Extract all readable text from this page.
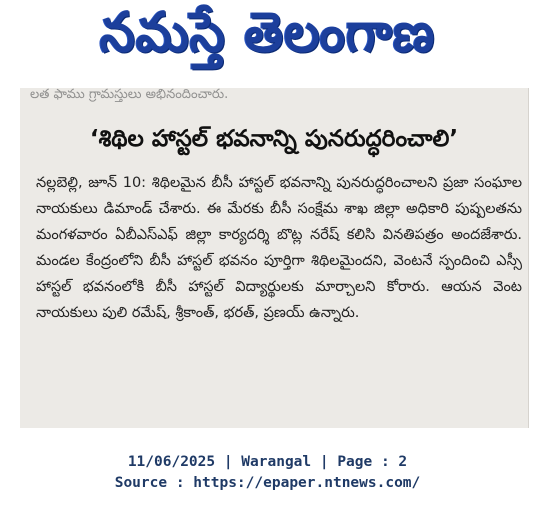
నమస్తే తెలంగాణ
లత ఫాము గ్రామస్తులు అభినందించారు.
‘శిథిల హాస్టల్ భవనాన్ని పునరుద్ధరించాలి’

నల్లబెల్లి, జూన్ 10: శిథిలమైన బీసీ హాస్టల్ భవనాన్ని పునరుద్ధరించాలని ప్రజా సంఘాల నాయకులు డిమాండ్ చేశారు. ఈ మేరకు బీసీ సంక్షేమ శాఖ జిల్లా అధికారి పుష్పలతను మంగళవారం ఏబీఎస్ఎఫ్ జిల్లా కార్యదర్శి బొట్ల నరేష్ కలిసి వినతిపత్రం అందజేశారు. మండల కేంద్రంలోని బీసీ హాస్టల్ భవనం పూర్తిగా శిథిలమైందని, వెంటనే స్పందించి ఎస్సీ హాస్టల్ భవనంలోకి బీసీ హాస్టల్ విద్యార్థులకు మార్చాలని కోరారు. ఆయన వెంట నాయకులు పులి రమేష్, శ్రీకాంత్, భరత్, ప్రణయ్ ఉన్నారు.

11/06/2025 | Warangal | Page : 2
Source : https://epaper.ntnews.com/
